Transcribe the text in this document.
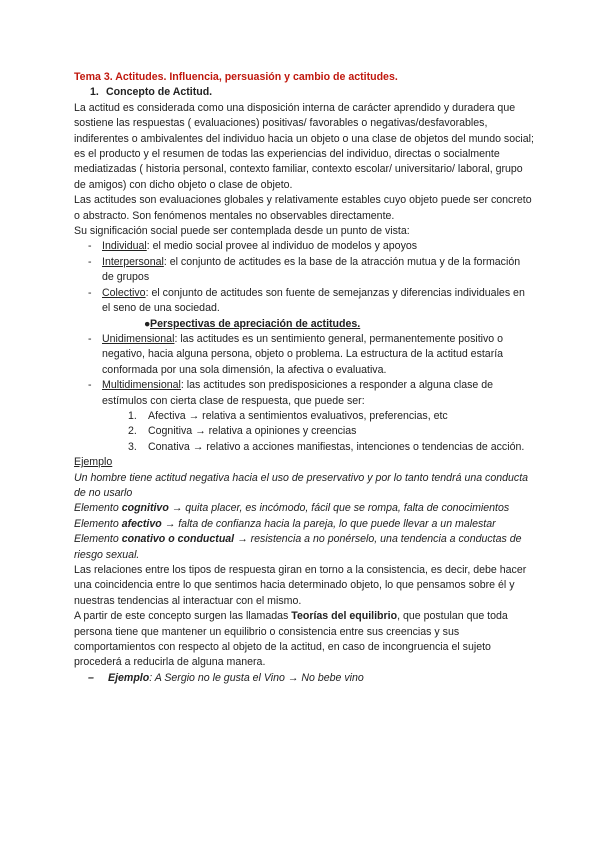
Tema 3. Actitudes. Influencia, persuasión y cambio de actitudes.
1. Concepto de Actitud.

La actitud es considerada como una disposición interna de carácter aprendido y duradera que sostiene las respuestas ( evaluaciones) positivas/ favorables o negativas/desfavorables, indiferentes o ambivalentes del individuo hacia un objeto o una clase de objetos del mundo social; es el producto y el resumen de todas las experiencias del individuo, directas o socialmente mediatizadas ( historia personal, contexto familiar, contexto escolar/ universitario/ laboral, grupo de amigos) con dicho objeto o clase de objeto.

Las actitudes son evaluaciones globales y relativamente estables cuyo objeto puede ser concreto o abstracto. Son fenómenos mentales no observables directamente.

Su significación social puede ser contemplada desde un punto de vista:

- Individual: el medio social provee al individuo de modelos y apoyos
- Interpersonal: el conjunto de actitudes es la base de la atracción mutua y de la formación de grupos
- Colectivo: el conjunto de actitudes son fuente de semejanzas y diferencias individuales en el seno de una sociedad.
● Perspectivas de apreciación de actitudes.
- Unidimensional: las actitudes es un sentimiento general, permanentemente positivo o negativo, hacia alguna persona, objeto o problema. La estructura de la actitud estaría conformada por una sola dimensión, la afectiva o evaluativa.
- Multidimensional: las actitudes son predisposiciones a responder a alguna clase de estímulos con cierta clase de respuesta, que puede ser:
1. Afectiva → relativa a sentimientos evaluativos, preferencias, etc
2. Cognitiva → relativa a opiniones y creencias
3. Conativa → relativo a acciones manifiestas, intenciones o tendencias de acción.
Ejemplo
Un hombre tiene actitud negativa hacia el uso de preservativo y por lo tanto tendrá una conducta de no usarlo
Elemento cognitivo → quita placer, es incómodo, fácil que se rompa, falta de conocimientos
Elemento afectivo → falta de confianza hacia la pareja, lo que puede llevar a un malestar
Elemento conativo o conductual → resistencia a no ponérselo, una tendencia a conductas de riesgo sexual.

Las relaciones entre los tipos de respuesta giran en torno a la consistencia, es decir, debe hacer una coincidencia entre lo que sentimos hacia determinado objeto, lo que pensamos sobre él y nuestras tendencias al interactuar con el mismo.

A partir de este concepto surgen las llamadas Teorías del equilibrio, que postulan que toda persona tiene que mantener un equilibrio o consistencia entre sus creencias y sus comportamientos con respecto al objeto de la actitud, en caso de incongruencia el sujeto procederá a reducirla de alguna manera.

– Ejemplo: A Sergio no le gusta el Vino → No bebe vino
